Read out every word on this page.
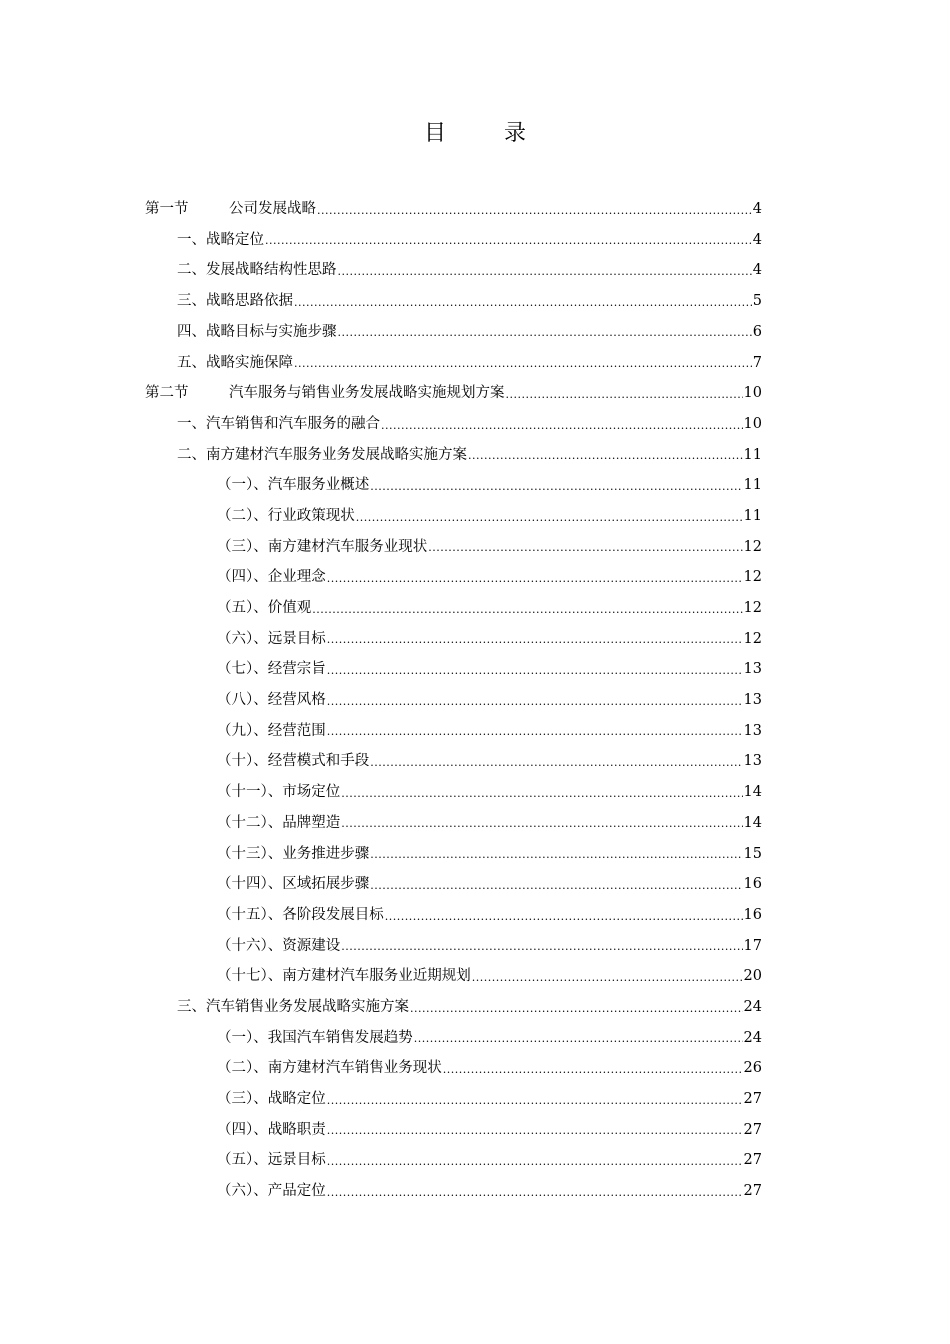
目　录
第一节	公司发展战略 .....	4
一、战略定位 .....	4
二、发展战略结构性思路 .....	4
三、战略思路依据 .....	5
四、战略目标与实施步骤 .....	6
五、战略实施保障 .....	7
第二节	汽车服务与销售业务发展战略实施规划方案 .....	10
一、汽车销售和汽车服务的融合 .....	10
二、南方建材汽车服务业务发展战略实施方案 .....	11
（一）、汽车服务业概述 .....	11
（二）、行业政策现状 .....	11
（三）、南方建材汽车服务业现状 .....	12
（四）、企业理念 .....	12
（五）、价值观 .....	12
（六）、远景目标 .....	12
（七）、经营宗旨 .....	13
（八）、经营风格 .....	13
（九）、经营范围 .....	13
（十）、经营模式和手段 .....	13
（十一）、市场定位 .....	14
（十二）、品牌塑造 .....	14
（十三）、业务推进步骤 .....	15
（十四）、区域拓展步骤 .....	16
（十五）、各阶段发展目标 .....	16
（十六）、资源建设 .....	17
（十七）、南方建材汽车服务业近期规划 .....	20
三、汽车销售业务发展战略实施方案 .....	24
（一）、我国汽车销售发展趋势 .....	24
（二）、南方建材汽车销售业务现状 .....	26
（三）、战略定位 .....	27
（四）、战略职责 .....	27
（五）、远景目标 .....	27
（六）、产品定位 .....	27
